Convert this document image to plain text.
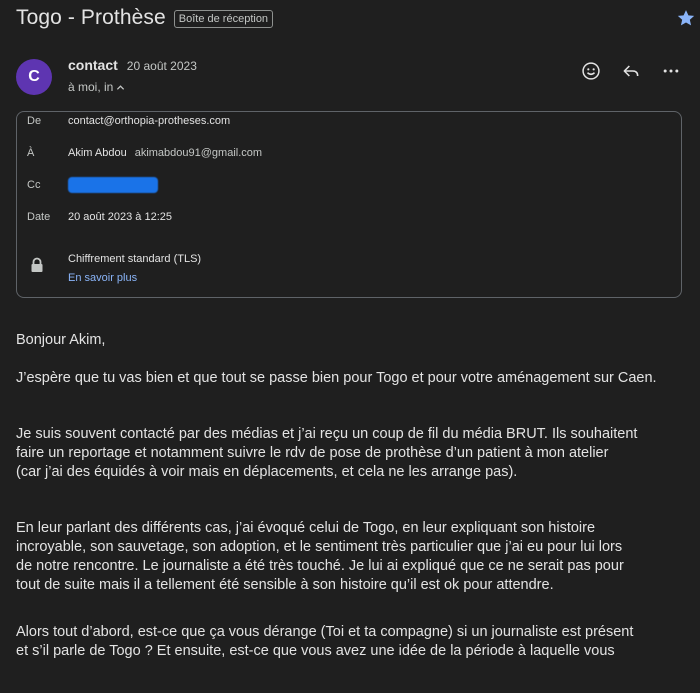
Togo - Prothèse	Boîte de réception
C
contact 20 août 2023
à moi, in
De contact@orthopia-protheses.com
À	Akim Abdou akimabdou91@gmail.com
Cc
Date 20 août 2023 à 12:25
Chiffrement standard (TLS)
En savoir plus

Bonjour Akim,

J’espère que tu vas bien et que tout se passe bien pour Togo et pour votre aménagement sur Caen.

Je suis souvent contacté par des médias et j’ai reçu un coup de fil du média BRUT. Ils souhaitent

faire un reportage et notamment suivre le rdv de pose de prothèse d’un patient à mon atelier

(car j’ai des équidés à voir mais en déplacements, et cela ne les arrange pas).

En leur parlant des différents cas, j’ai évoqué celui de Togo, en leur expliquant son histoire

incroyable, son sauvetage, son adoption, et le sentiment très particulier que j’ai eu pour lui lors

de notre rencontre. Le journaliste a été très touché. Je lui ai expliqué que ce ne serait pas pour

tout de suite mais il a tellement été sensible à son histoire qu’il est ok pour attendre.

Alors tout d’abord, est-ce que ça vous dérange (Toi et ta compagne) si un journaliste est présent

et s’il parle de Togo ? Et ensuite, est-ce que vous avez une idée de la période à laquelle vous
